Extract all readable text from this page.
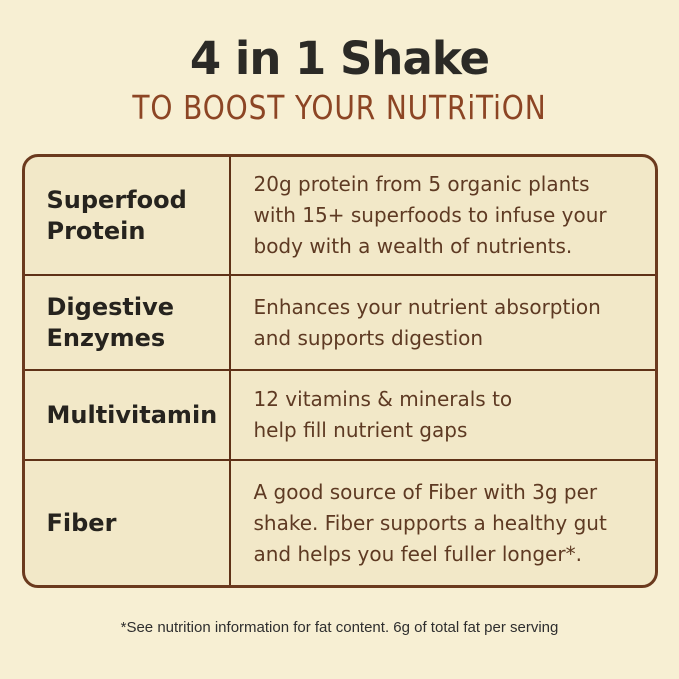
4 in 1 Shake
TO BOOST YOUR NUTRiTiON
Superfood
Protein
20g protein from 5 organic plants
with 15+ superfoods to infuse your
body with a wealth of nutrients.
Digestive
Enzymes
Enhances your nutrient absorption
and supports digestion
Multivitamin
12 vitamins & minerals to
help fill nutrient gaps
Fiber
A good source of Fiber with 3g per
shake. Fiber supports a healthy gut
and helps you feel fuller longer*.
*See nutrition information for fat content. 6g of total fat per serving
